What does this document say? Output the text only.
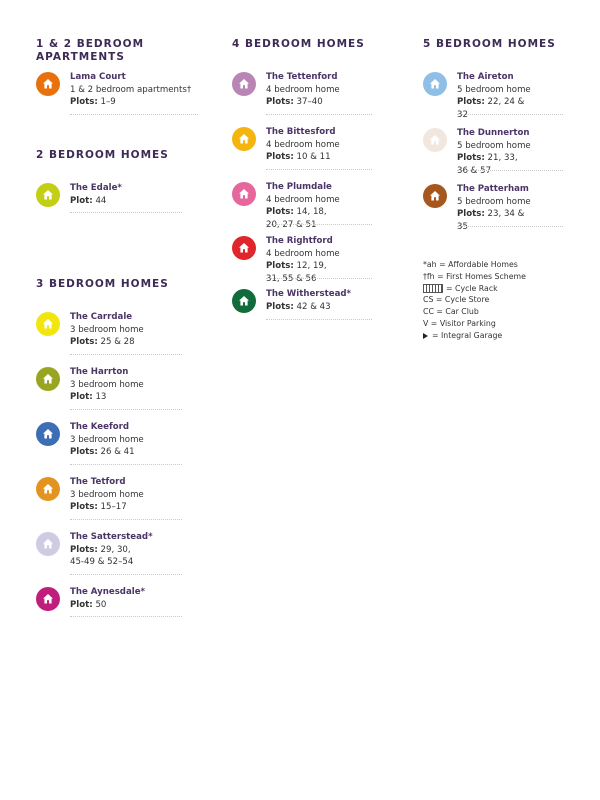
1 & 2 BEDROOM APARTMENTS
Lama Court
1 & 2 bedroom apartments†
Plots: 1–9
2 BEDROOM HOMES
The Edale*
Plot: 44
3 BEDROOM HOMES
The Carrdale
3 bedroom home
Plots: 25 & 28
The Harrton
3 bedroom home
Plot: 13
The Keeford
3 bedroom home
Plots: 26 & 41
The Tetford
3 bedroom home
Plots: 15–17
The Satterstead*
Plots: 29, 30,
45-49 & 52–54
The Aynesdale*
Plot: 50
4 BEDROOM HOMES
The Tettenford
4 bedroom home
Plots: 37–40
The Bittesford
4 bedroom home
Plots: 10 & 11
The Plumdale
4 bedroom home
Plots: 14, 18, 20, 27 & 51
The Rightford
4 bedroom home
Plots: 12, 19, 31, 55 & 56
The Witherstead*
Plots: 42 & 43
5 BEDROOM HOMES
The Aireton
5 bedroom home
Plots: 22, 24 & 32
The Dunnerton
5 bedroom home
Plots: 21, 33, 36 & 57
The Patterham
5 bedroom home
Plots: 23, 34 & 35
*ah = Affordable Homes
†fh = First Homes Scheme
= Cycle Rack
CS = Cycle Store
CC = Car Club
V = Visitor Parking
= Integral Garage
